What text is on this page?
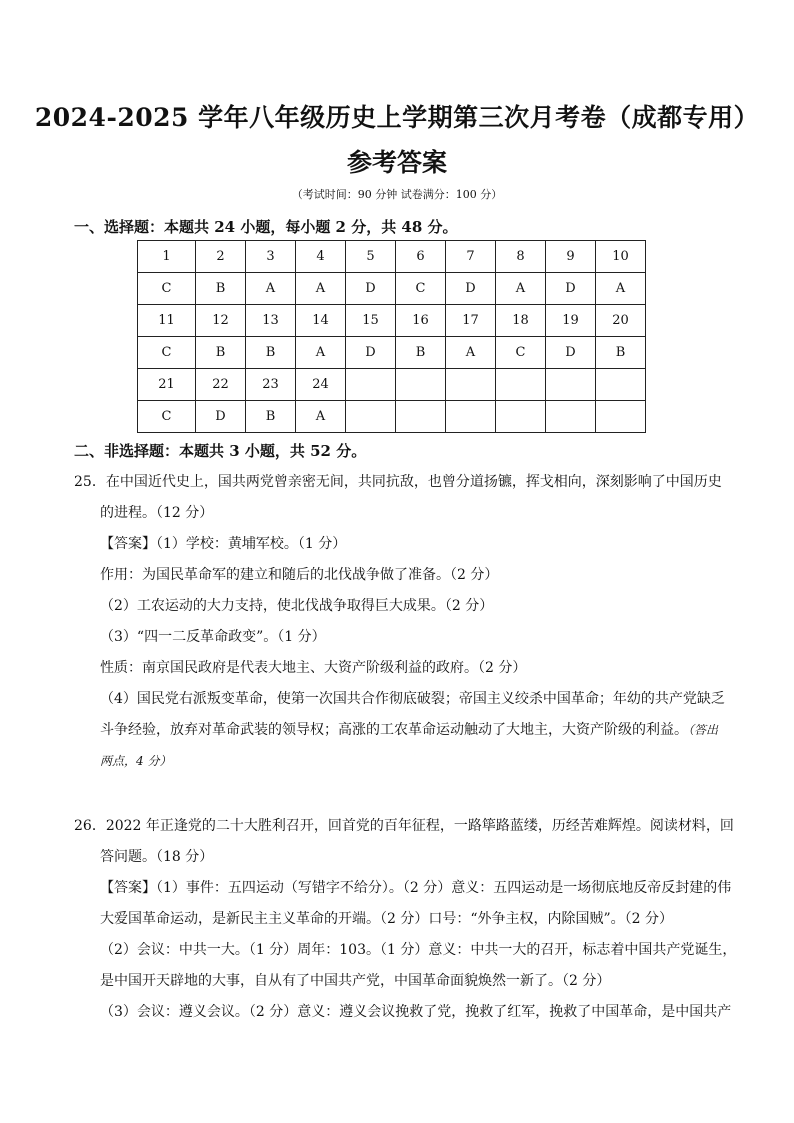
2024-2025 学年八年级历史上学期第三次月考卷（成都专用）
参考答案
（考试时间：90 分钟 试卷满分：100 分）
一、选择题：本题共 24 小题，每小题 2 分，共 48 分。
1	2	3	4	5	6	7	8	9	10
C	B	A	A	D	C	D	A	D	A
11	12	13	14	15	16	17	18	19	20
C	B	B	A	D	B	A	C	D	B
21	22	23	24						
C	D	B	A						
二、非选择题：本题共 3 小题，共 52 分。
25．在中国近代史上，国共两党曾亲密无间，共同抗敌，也曾分道扬镳，挥戈相向，深刻影响了中国历史
的进程。（12 分）
【答案】（1）学校：黄埔军校。（1 分）
作用：为国民革命军的建立和随后的北伐战争做了准备。（2 分）
（2）工农运动的大力支持，使北伐战争取得巨大成果。（2 分）
（3）“四一二反革命政变”。（1 分）
性质：南京国民政府是代表大地主、大资产阶级利益的政府。（2 分）
（4）国民党右派叛变革命，使第一次国共合作彻底破裂；帝国主义绞杀中国革命；年幼的共产党缺乏
斗争经验，放弃对革命武装的领导权；高涨的工农革命运动触动了大地主，大资产阶级的利益。（答出
两点，4 分）
26．2022 年正逢党的二十大胜利召开，回首党的百年征程，一路筚路蓝缕，历经苦难辉煌。阅读材料，回
答问题。（18 分）
【答案】（1）事件：五四运动（写错字不给分）。（2 分）意义：五四运动是一场彻底地反帝反封建的伟
大爱国革命运动，是新民主主义革命的开端。（2 分）口号：“外争主权，内除国贼”。（2 分）
（2）会议：中共一大。（1 分）周年：103。（1 分）意义：中共一大的召开，标志着中国共产党诞生，
是中国开天辟地的大事，自从有了中国共产党，中国革命面貌焕然一新了。（2 分）
（3）会议：遵义会议。（2 分）意义：遵义会议挽救了党，挽救了红军，挽救了中国革命，是中国共产
